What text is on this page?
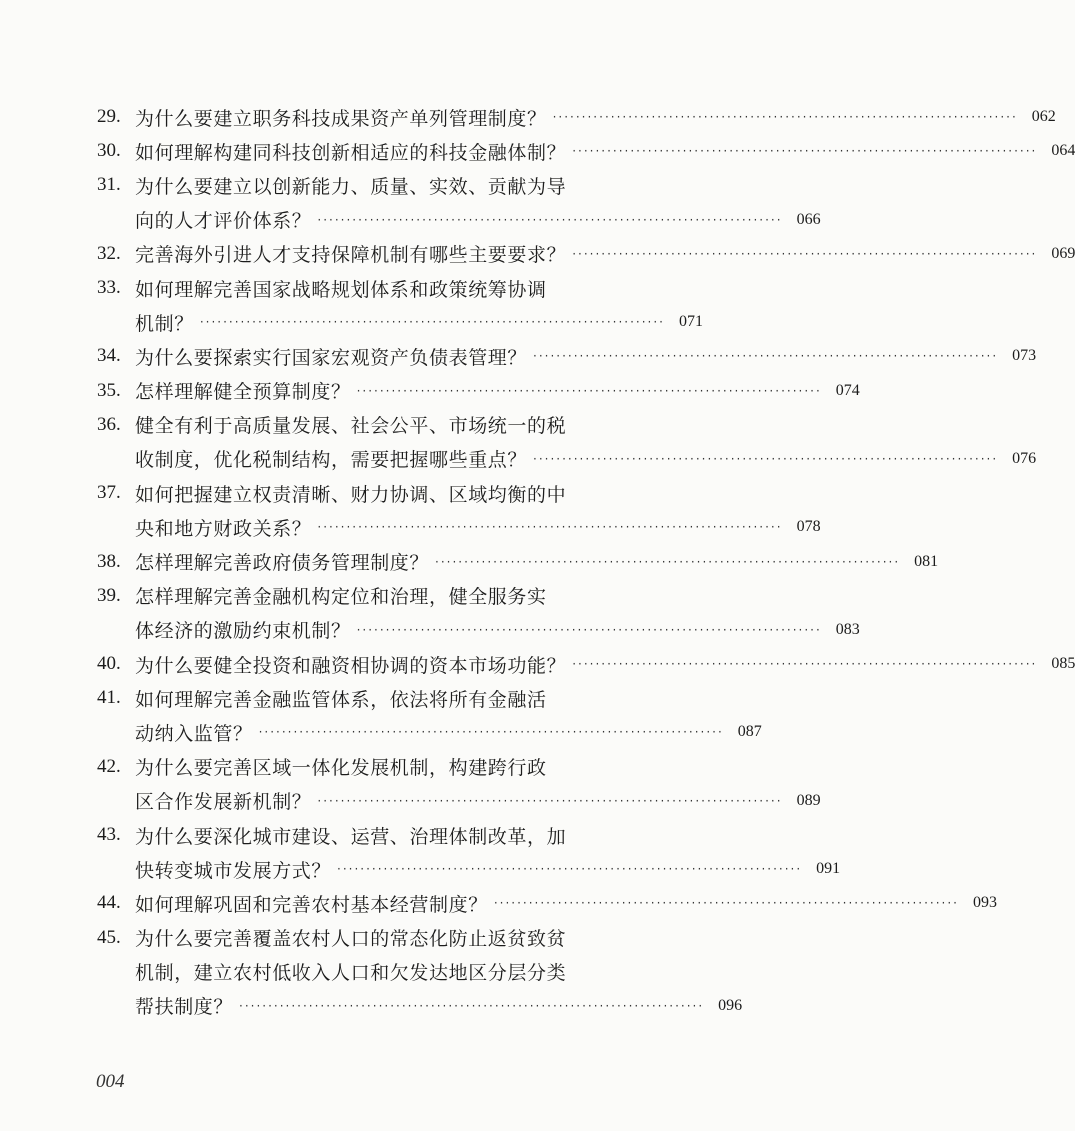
29. 为什么要建立职务科技成果资产单列管理制度？ ················································································ 062
30. 如何理解构建同科技创新相适应的科技金融体制？ ················································································ 064
31. 为什么要建立以创新能力、质量、实效、贡献为导
向的人才评价体系？ ················································································ 066
32. 完善海外引进人才支持保障机制有哪些主要要求？ ················································································ 069
33. 如何理解完善国家战略规划体系和政策统筹协调
机制？ ················································································ 071
34. 为什么要探索实行国家宏观资产负债表管理？ ················································································ 073
35. 怎样理解健全预算制度？ ················································································ 074
36. 健全有利于高质量发展、社会公平、市场统一的税
收制度，优化税制结构，需要把握哪些重点？ ················································································ 076
37. 如何把握建立权责清晰、财力协调、区域均衡的中
央和地方财政关系？ ················································································ 078
38. 怎样理解完善政府债务管理制度？ ················································································ 081
39. 怎样理解完善金融机构定位和治理，健全服务实
体经济的激励约束机制？ ················································································ 083
40. 为什么要健全投资和融资相协调的资本市场功能？ ················································································ 085
41. 如何理解完善金融监管体系，依法将所有金融活
动纳入监管？ ················································································ 087
42. 为什么要完善区域一体化发展机制，构建跨行政
区合作发展新机制？ ················································································ 089
43. 为什么要深化城市建设、运营、治理体制改革，加
快转变城市发展方式？ ················································································ 091
44. 如何理解巩固和完善农村基本经营制度？ ················································································ 093
45. 为什么要完善覆盖农村人口的常态化防止返贫致贫
机制，建立农村低收入人口和欠发达地区分层分类
帮扶制度？ ················································································ 096
004
